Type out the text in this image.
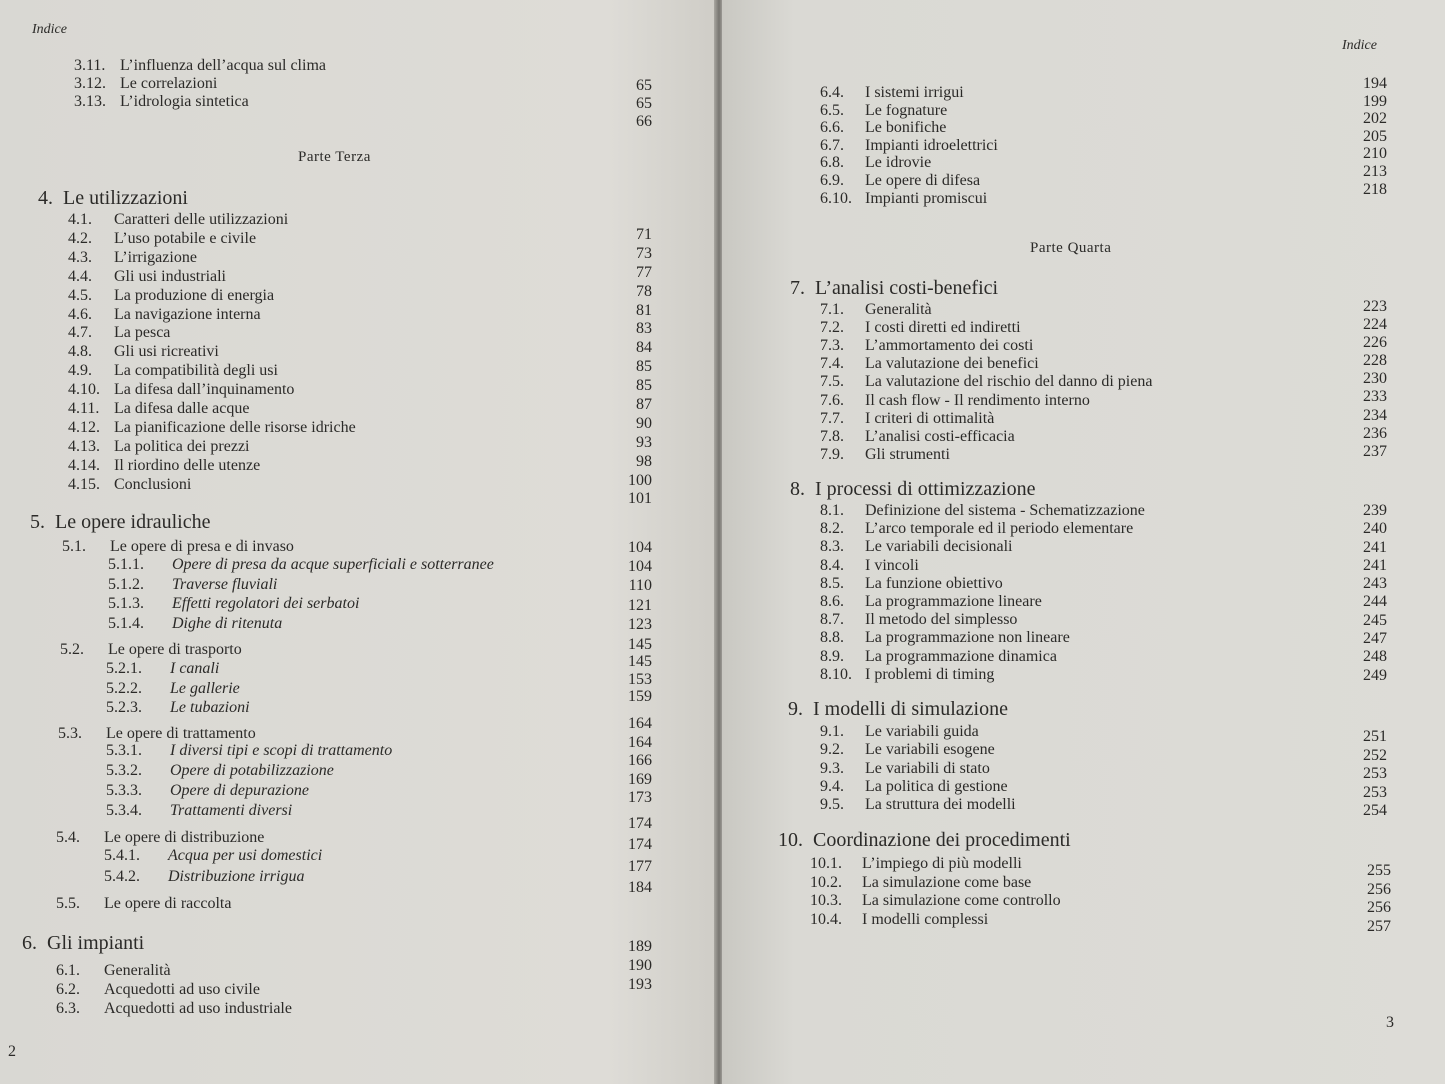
Indice
Parte Terza
4. Le utilizzazioni
5. Le opere idrauliche
6. Gli impianti
2
3.11. L’influenza dell’acqua sul clima
3.12. Le correlazioni
3.13. L’idrologia sintetica
65
65
66
4.1. Caratteri delle utilizzazioni
4.2. L’uso potabile e civile
4.3. L’irrigazione
4.4. Gli usi industriali
4.5. La produzione di energia
4.6. La navigazione interna
4.7. La pesca
4.8. Gli usi ricreativi
4.9. La compatibilità degli usi
4.10. La difesa dall’inquinamento
4.11. La difesa dalle acque
4.12. La pianificazione delle risorse idriche
4.13. La politica dei prezzi
4.14. Il riordino delle utenze
4.15. Conclusioni
71
73
77
78
81
83
84
85
85
87
90
93
98
100
101
5.1. Le opere di presa e di invaso
5.1.1. Opere di presa da acque superficiali e sotterranee
5.1.2. Traverse fluviali
5.1.3. Effetti regolatori dei serbatoi
5.1.4. Dighe di ritenuta
104
104
110
121
123
5.2. Le opere di trasporto
5.2.1. I canali
5.2.2. Le gallerie
5.2.3. Le tubazioni
145
145
153
159
5.3. Le opere di trattamento
5.3.1. I diversi tipi e scopi di trattamento
5.3.2. Opere di potabilizzazione
5.3.3. Opere di depurazione
5.3.4. Trattamenti diversi
164
164
166
169
173
5.4. Le opere di distribuzione
5.4.1. Acqua per usi domestici
5.4.2. Distribuzione irrigua
174
174
177
184
5.5. Le opere di raccolta
6.1. Generalità
6.2. Acquedotti ad uso civile
6.3. Acquedotti ad uso industriale
189
190
193
Indice
Parte Quarta
7. L’analisi costi-benefici
8. I processi di ottimizzazione
9. I modelli di simulazione
10. Coordinazione dei procedimenti
3
6.4. I sistemi irrigui
6.5. Le fognature
6.6. Le bonifiche
6.7. Impianti idroelettrici
6.8. Le idrovie
6.9. Le opere di difesa
6.10. Impianti promiscui
194
199
202
205
210
213
218
7.1. Generalità
7.2. I costi diretti ed indiretti
7.3. L’ammortamento dei costi
7.4. La valutazione dei benefici
7.5. La valutazione del rischio del danno di piena
7.6. Il cash flow - Il rendimento interno
7.7. I criteri di ottimalità
7.8. L’analisi costi-efficacia
7.9. Gli strumenti
223
224
226
228
230
233
234
236
237
8.1. Definizione del sistema - Schematizzazione
8.2. L’arco temporale ed il periodo elementare
8.3. Le variabili decisionali
8.4. I vincoli
8.5. La funzione obiettivo
8.6. La programmazione lineare
8.7. Il metodo del simplesso
8.8. La programmazione non lineare
8.9. La programmazione dinamica
8.10. I problemi di timing
239
240
241
241
243
244
245
247
248
249
9.1. Le variabili guida
9.2. Le variabili esogene
9.3. Le variabili di stato
9.4. La politica di gestione
9.5. La struttura dei modelli
251
252
253
253
254
10.1. L’impiego di più modelli
10.2. La simulazione come base
10.3. La simulazione come controllo
10.4. I modelli complessi
255
256
256
257
